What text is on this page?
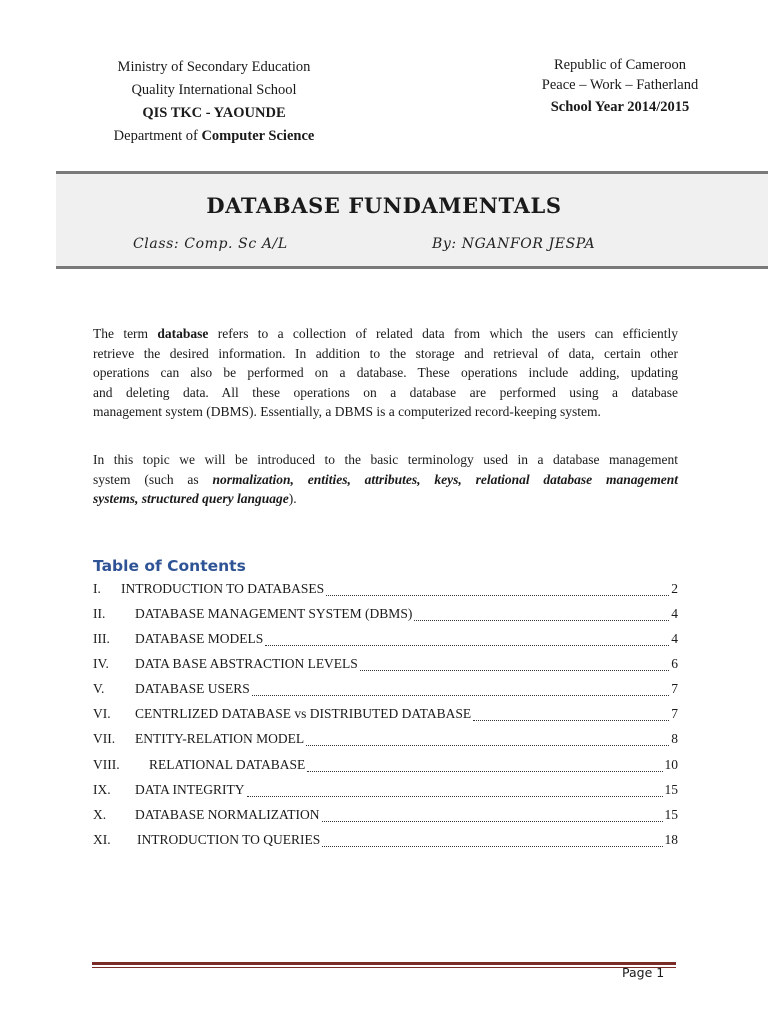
Ministry of Secondary Education
Quality International School
QIS TKC - YAOUNDE
Department of Computer Science
Republic of Cameroon
Peace – Work – Fatherland
School Year 2014/2015
DATABASE FUNDAMENTALS
Class: Comp. Sc A/L	By: NGANFOR JESPA
The term database refers to a collection of related data from which the users can efficiently
retrieve the desired information. In addition to the storage and retrieval of data, certain other
operations can also be performed on a database. These operations include adding, updating
and deleting data. All these operations on a database are performed using a database
management system (DBMS). Essentially, a DBMS is a computerized record-keeping system.
In this topic we will be introduced to the basic terminology used in a database management
system (such as normalization, entities, attributes, keys, relational database management
systems, structured query language).
Table of Contents
I.	INTRODUCTION TO DATABASES	2
II.	DATABASE MANAGEMENT SYSTEM (DBMS)	4
III.	DATABASE MODELS	4
IV.	DATA BASE ABSTRACTION LEVELS	6
V.	DATABASE USERS	7
VI.	CENTRLIZED DATABASE vs DISTRIBUTED DATABASE	7
VII.	ENTITY-RELATION MODEL	8
VIII.	RELATIONAL DATABASE	10
IX.	DATA INTEGRITY	15
X.	DATABASE NORMALIZATION	15
XI.	INTRODUCTION TO QUERIES	18
Page 1
